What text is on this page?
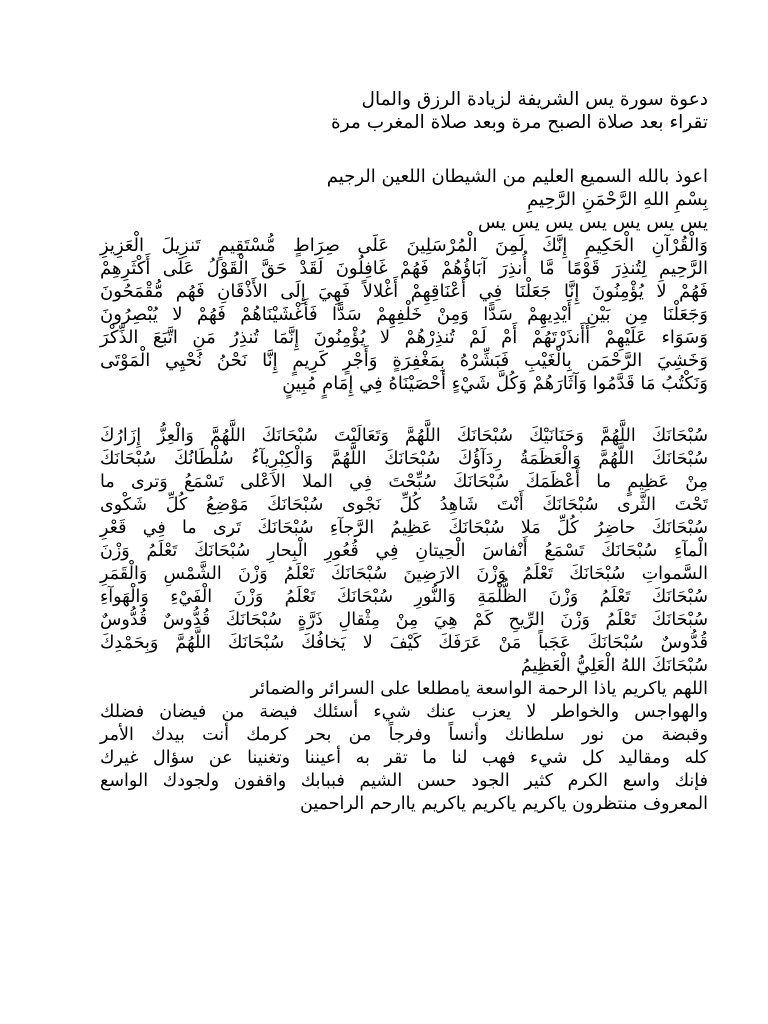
دعوة سورة يس الشريفة لزيادة الرزق والمال
تقراء بعد صلاة الصبح مرة وبعد صلاة المغرب مرة
اعوذ بالله السميع العليم من الشيطان اللعين الرجيم
بِسْمِ اللهِ الرَّحْمَنِ الرَّحِيمِ
يس يس يس يس يس يس يس
وَالْقُرْآنِ الْحَكِيمِ إِنَّكَ لَمِنَ الْمُرْسَلِينَ عَلَى صِرَاطٍ مُّسْتَقِيمٍ تَنزِيلَ الْعَزِيزِ
الرَّحِيمِ لِتُنذِرَ قَوْمًا مَّا أُنذِرَ آبَاؤُهُمْ فَهُمْ غَافِلُونَ لَقَدْ حَقَّ الْقَوْلُ عَلَى أَكْثَرِهِمْ
فَهُمْ لا يُؤْمِنُونَ إِنَّا جَعَلْنَا فِي أَعْنَاقِهِمْ أَغْلالاً فَهِيَ إِلَى الأَذْقَانِ فَهُم مُّقْمَحُونَ
وَجَعَلْنَا مِن بَيْنِ أَيْدِيهِمْ سَدًّا وَمِنْ خَلْفِهِمْ سَدًّا فَأَغْشَيْنَاهُمْ فَهُمْ لا يُبْصِرُونَ
وَسَوَاء عَلَيْهِمْ أَأَنذَرْتَهُمْ أَمْ لَمْ تُنذِرْهُمْ لا يُؤْمِنُونَ إِنَّمَا تُنذِرُ مَنِ اتَّبَعَ الذِّكْرَ
وَخَشِيَ الرَّحْمَن بِالْغَيْبِ فَبَشِّرْهُ بِمَغْفِرَةٍ وَأَجْرٍ كَرِيمٍ إِنَّا نَحْنُ نُحْيِي الْمَوْتَى
وَنَكْتُبُ مَا قَدَّمُوا وَآثَارَهُمْ وَكُلَّ شَيْءٍ أحْصَيْنَاهُ فِي إِمَامٍ مُبِينٍ
سُبْحَانَكَ اللَّهُمَّ وَحَنَانَيْكَ سُبْحَانَكَ اللَّهُمَّ وَتَعَالَيْتَ سُبْحَانَكَ اللَّهُمَّ وَالْعِزُّ إِزَارُكَ
سُبْحَانَكَ اللَّهُمَّ وَالْعَظَمَةُ رِدَآؤُكَ سُبْحَانَكَ اللَّهُمَّ وَالْكِبْرِيآءُ سُلْطَانُكَ سُبْحَانَكَ
مِنْ عَظِيمٍ ما أَعْظَمَكَ سُبْحَانَكَ سُبِّحْتَ فِي الملا الاَعْلى تَسْمَعُ وَترى ما
تَحْتَ الثَّرى سُبْحَانَكَ أَنْتَ شَاهِدُ كُلِّ نَجْوى سُبْحَانَكَ مَوْضِعُ كُلِّ شَكْوى
سُبْحَانَكَ حاضِرُ كُلِّ مَلا سُبْحَانَكَ عَظِيمُ الرَّجآءِ سُبْحَانَكَ تَرى ما فِي قَعْرِ
الْمآءِ سُبْحَانَكَ تَسْمَعُ أَنْفاسَ الْحِيتانِ فِي قُعُورِ الْبِحارِ سُبْحَانَكَ تَعْلَمُ وَزْنَ
السَّمواتِ سُبْحَانَكَ تَعْلَمُ وَزْنَ الارَضِينَ سُبْحَانَكَ تَعْلَمُ وَزْنَ الشَّمْسِ وَالْقَمَرِ
سُبْحَانَكَ تَعْلَمُ وَزْنَ الظُّلْمَةِ وَالنُّورِ سُبْحَانَكَ تَعْلَمُ وَزْنَ الْفَيْءِ وَالْهَوآءِ
سُبْحَانَكَ تَعْلَمُ وَزْنَ الرِّيحِ كَمْ هِيَ مِنْ مِثْقالِ ذَرَّةٍ سُبْحَانَكَ قُدُّوسٌ قُدُّوسٌ
قُدُّوسٌ سُبْحَانَكَ عَجَباً مَنْ عَرَفَكَ كَيْفَ لا يَخافُكَ سُبْحَانَكَ اللَّهُمَّ وَبِحَمْدِكَ
سُبْحَانَكَ اللهُ الْعَلِيُّ الْعَظِيمُ
اللهم ياكريم ياذا الرحمة الواسعة يامطلعا على السرائر والضمائر
والهواجس والخواطر لا يعزب عنك شيء أسئلك فيضة من فيضان فضلك
وقبضة من نور سلطانك وأنساً وفرجاً من بحر كرمك أنت بيدك الأمر
كله ومقاليد كل شيء فهب لنا ما تقر به أعيننا وتغنينا عن سؤال غيرك
فإنك واسع الكرم كثير الجود حسن الشيم فببابك واقفون ولجودك الواسع
المعروف منتظرون ياكريم ياكريم ياكريم ياارحم الراحمين
